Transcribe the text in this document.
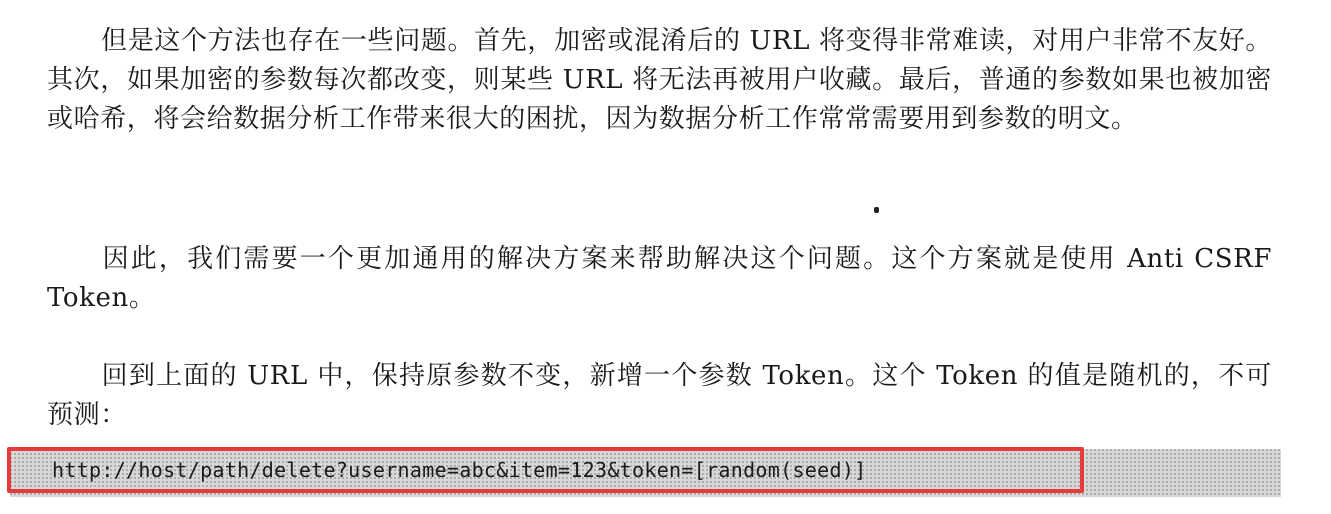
但是这个方法也存在一些问题。首先，加密或混淆后的 URL 将变得非常难读，对用户非常不友好。其次，如果加密的参数每次都改变，则某些 URL 将无法再被用户收藏。最后，普通的参数如果也被加密或哈希，将会给数据分析工作带来很大的困扰，因为数据分析工作常常需要用到参数的明文。

因此，我们需要一个更加通用的解决方案来帮助解决这个问题。这个方案就是使用 Anti CSRF Token。

回到上面的 URL 中，保持原参数不变，新增一个参数 Token。这个 Token 的值是随机的，不可预测：

http://host/path/delete?username=abc&item=123&token=[random(seed)]
